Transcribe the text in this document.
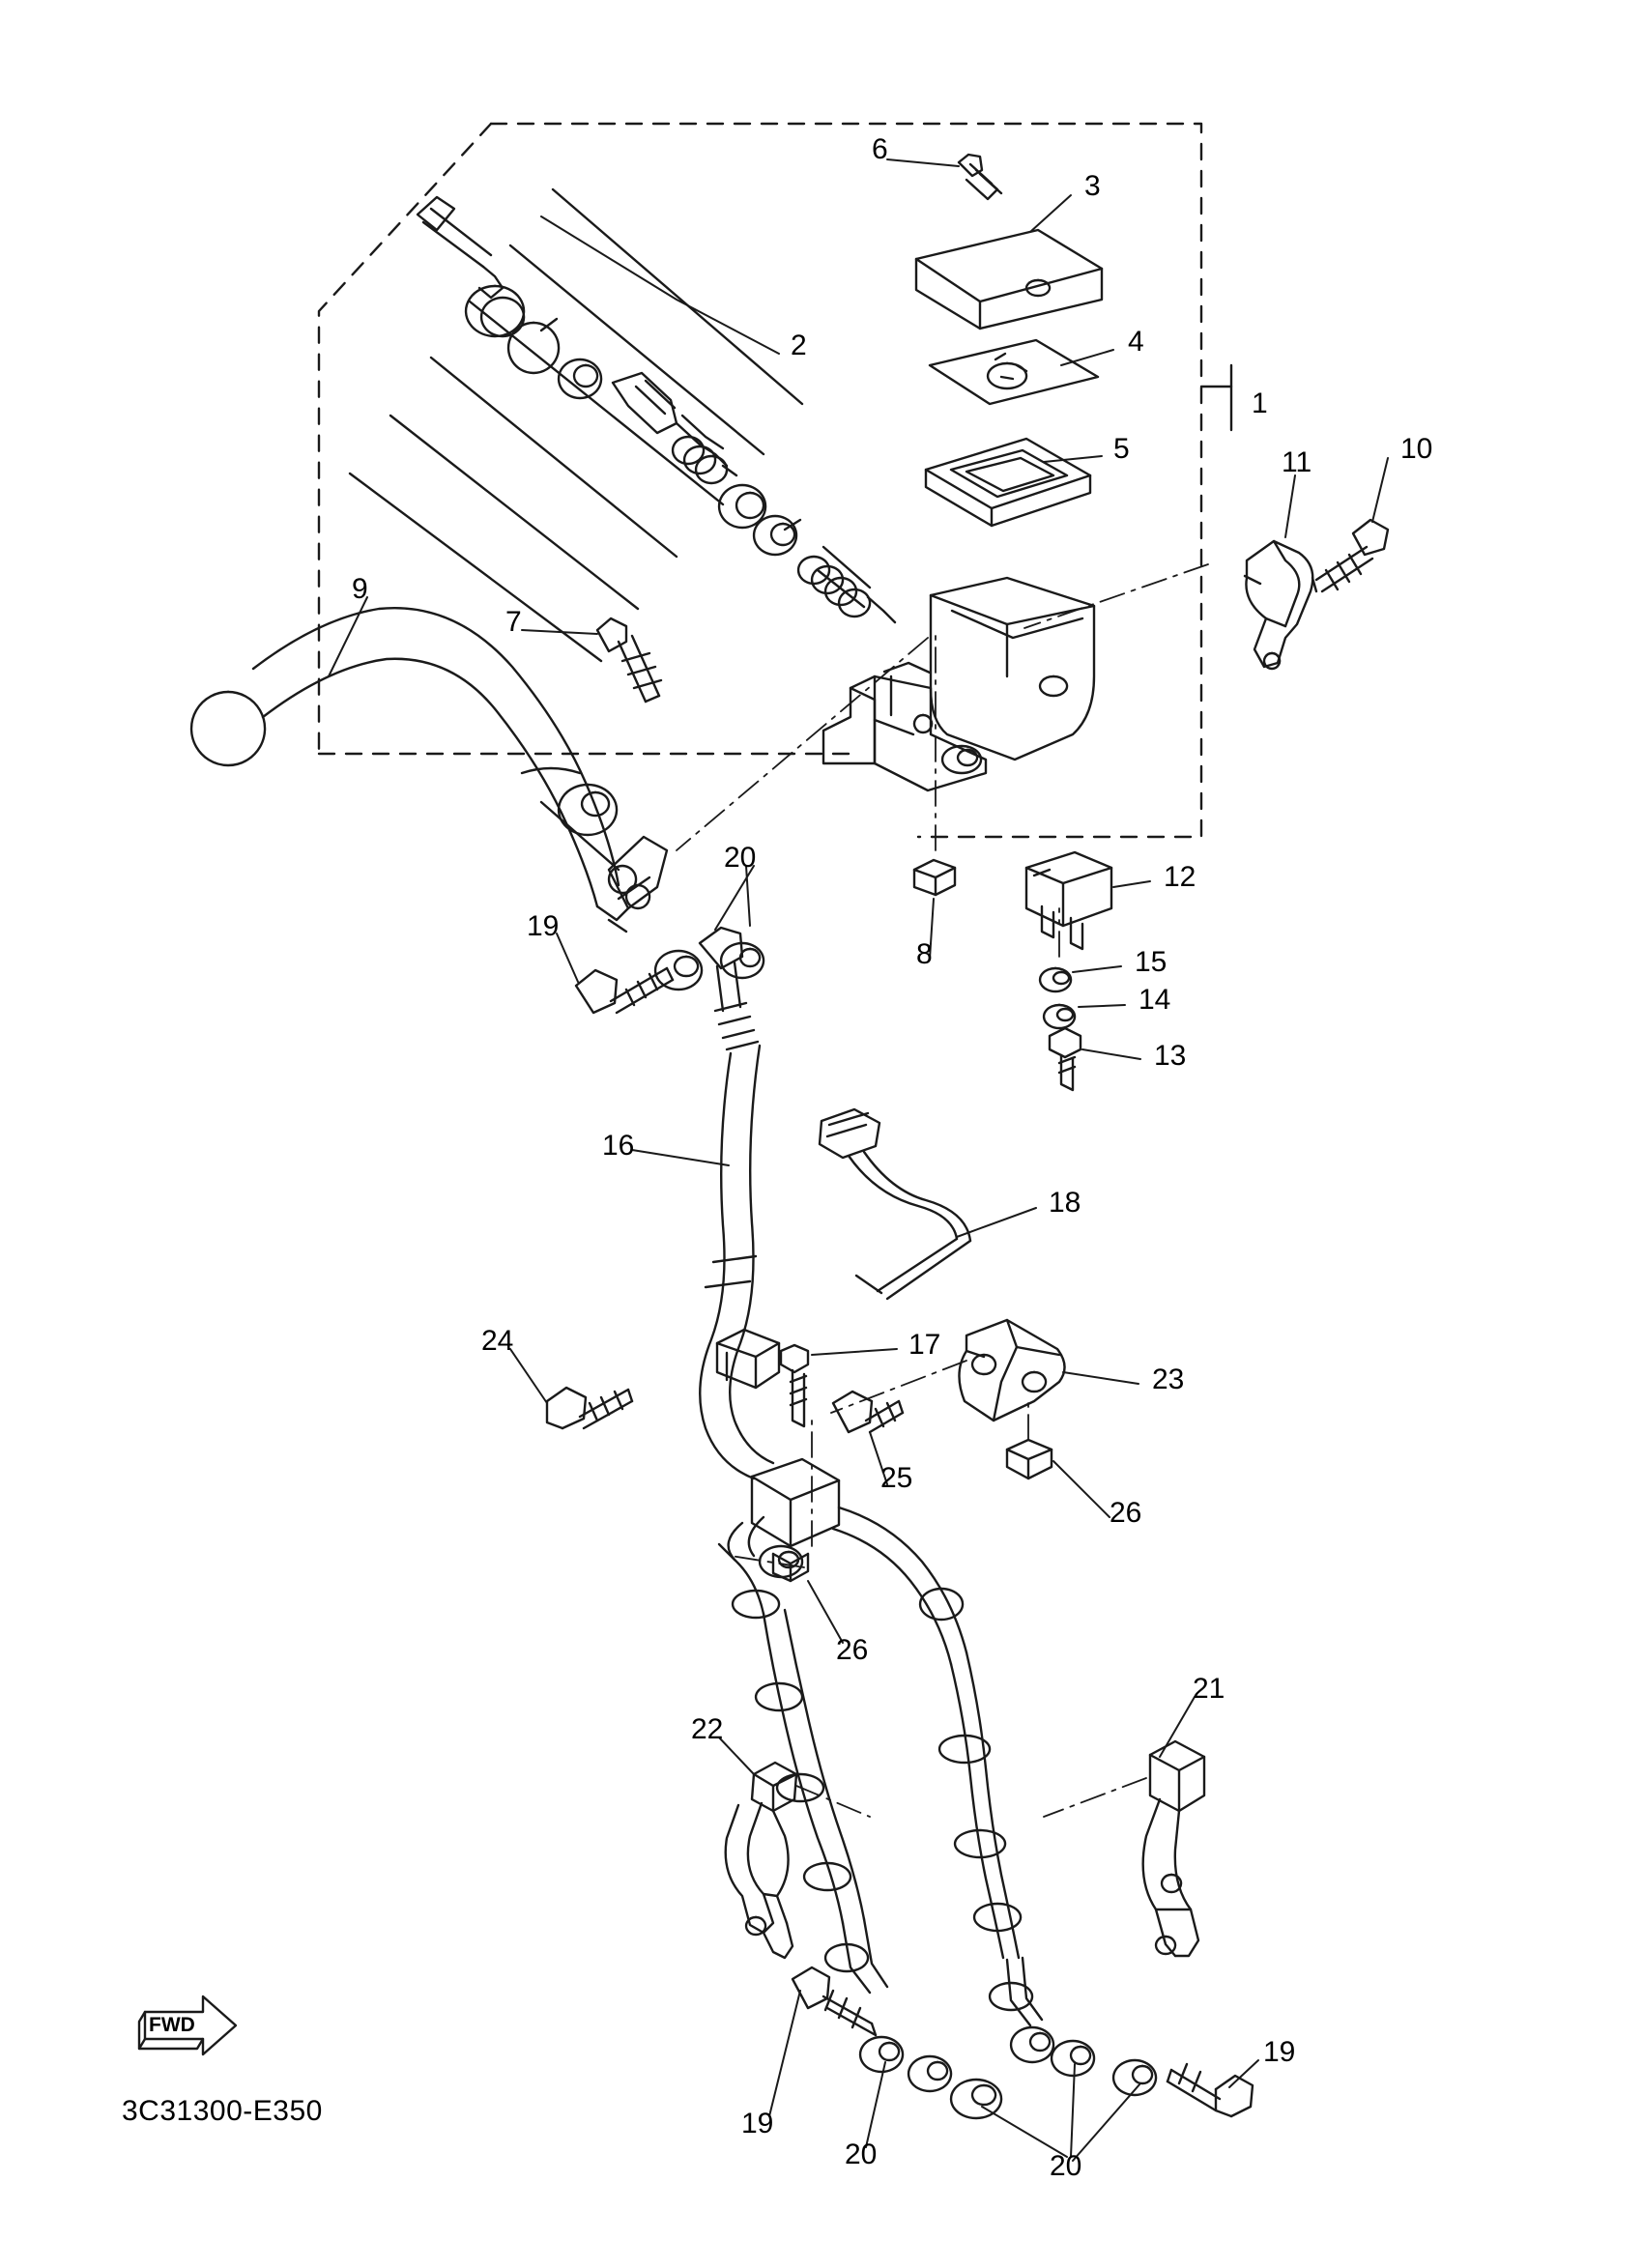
1
2
3
4
5
6
7
8
9
10
11
12
13
14
15
16
17
18
19
19
19
20
20	20
21
22
23
24
25
26
26
FWD
3C31300-E350
